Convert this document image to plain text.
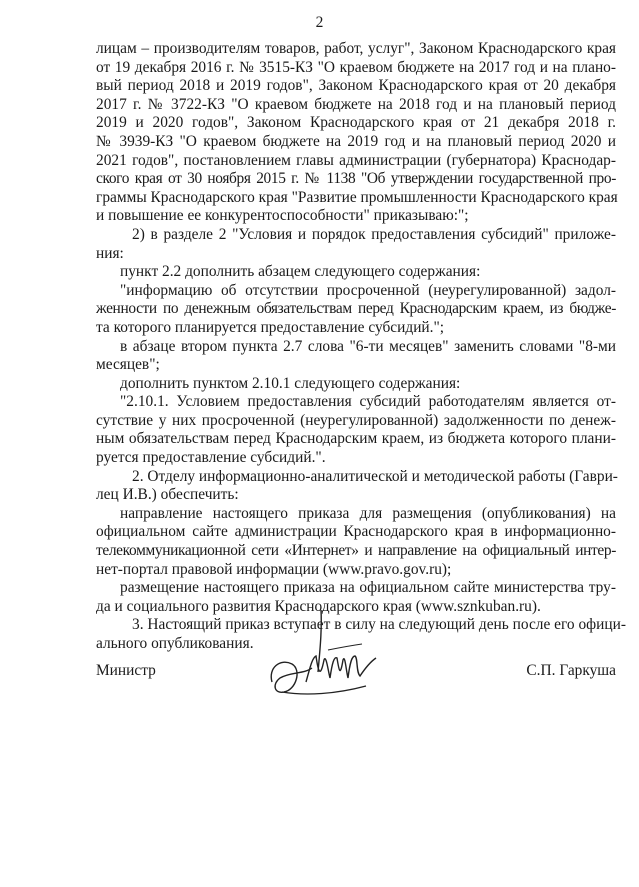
2
лицам – производителям товаров, работ, услуг", Законом Краснодарского края
от 19 декабря 2016 г. № 3515-КЗ "О краевом бюджете на 2017 год и на плано-
вый период 2018 и 2019 годов", Законом Краснодарского края от 20 декабря
2017 г. № 3722-КЗ "О краевом бюджете на 2018 год и на плановый период
2019 и 2020 годов", Законом Краснодарского края от 21 декабря 2018 г.
№ 3939-КЗ "О краевом бюджете на 2019 год и на плановый период 2020 и
2021 годов", постановлением главы администрации (губернатора) Краснодар-
ского края от 30 ноября 2015 г. № 1138 "Об утверждении государственной про-
граммы Краснодарского края "Развитие промышленности Краснодарского края
и повышение ее конкурентоспособности" приказываю:";
2) в разделе 2 "Условия и порядок предоставления субсидий" приложе-
ния:
пункт 2.2 дополнить абзацем следующего содержания:
"информацию об отсутствии просроченной (неурегулированной) задол-
женности по денежным обязательствам перед Краснодарским краем, из бюдже-
та которого планируется предоставление субсидий.";
в абзаце втором пункта 2.7 слова "6-ти месяцев" заменить словами "8-ми
месяцев";
дополнить пунктом 2.10.1 следующего содержания:
"2.10.1. Условием предоставления субсидий работодателям является от-
сутствие у них просроченной (неурегулированной) задолженности по денеж-
ным обязательствам перед Краснодарским краем, из бюджета которого плани-
руется предоставление субсидий.".
2. Отделу информационно-аналитической и методической работы (Гаври-
лец И.В.) обеспечить:
направление настоящего приказа для размещения (опубликования) на
официальном сайте администрации Краснодарского края в информационно-
телекоммуникационной сети «Интернет» и направление на официальный интер-
нет-портал правовой информации (www.pravo.gov.ru);
размещение настоящего приказа на официальном сайте министерства тру-
да и социального развития Краснодарского края (www.sznkuban.ru).
3. Настоящий приказ вступает в силу на следующий день после его офици-
ального опубликования.
Министр	С.П. Гаркуша
